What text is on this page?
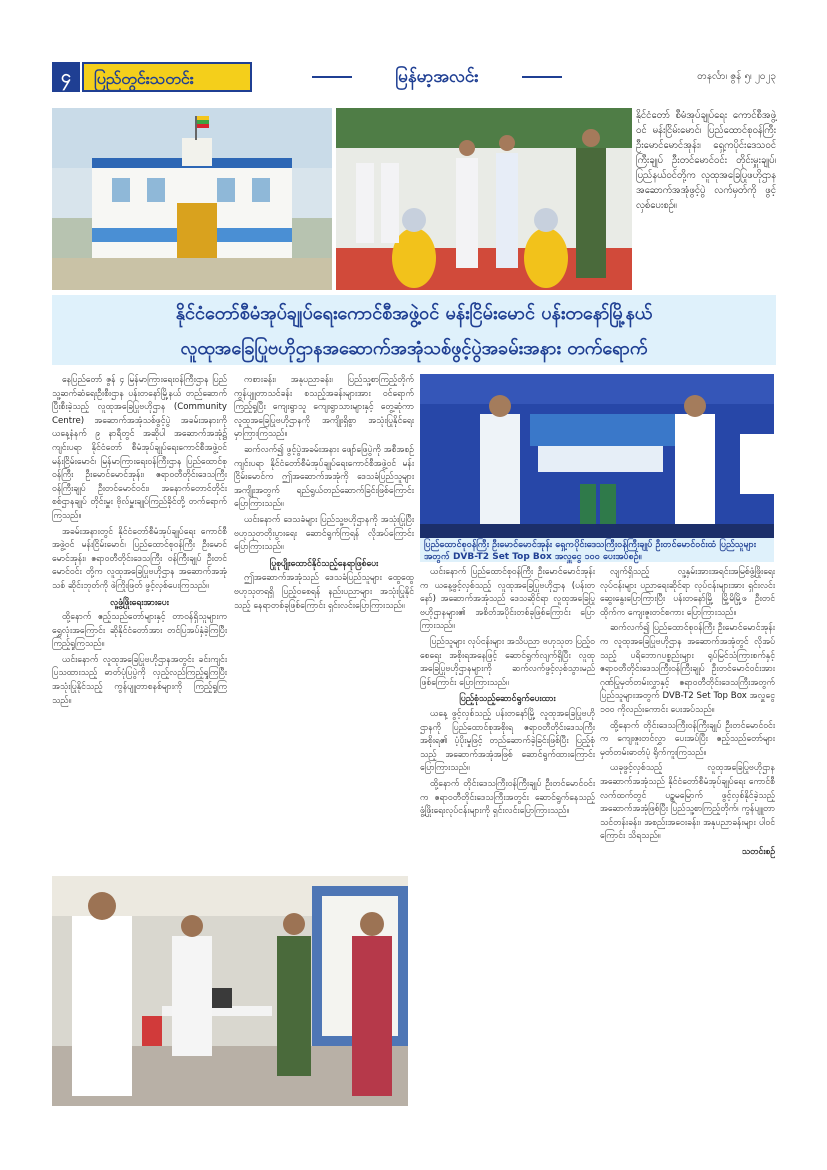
၄	ပြည်တွင်းသတင်း	မြန်မာ့အလင်း	တနင်္လာ၊ ဇွန် ၅၊ ၂၀၂၃
နိုင်ငံတော် စီမံအုပ်ချုပ်ရေး ကောင်စီအဖွဲ့ဝင် မန်းငြိမ်းမောင်၊ ပြည်ထောင်စုဝန်ကြီး ဦးမောင်မောင်အုန်း၊ ရှေ့ကပိုင်းဒေသဝင်ကြီးချုပ် ဦးတင်မောင်ဝင်း တိုင်းမှူးချုပ်၊ ပြည်နယ်ဝင်တို့က လူထုအခြေပြုဖဟိုဌာန အဆောက်အအုံဖွင့်ပွဲ လက်မှတ်ကို ဖွင့်လှစ်ပေးစဉ်။
နိုင်ငံတော်စီမံအုပ်ချုပ်ရေးကောင်စီအဖွဲ့ဝင် မန်းငြိမ်းမောင် ပန်းတနော်မြို့နယ်
လူထုအခြေပြုဗဟိုဌာနအဆောက်အအုံသစ်ဖွင့်ပွဲအခမ်းအနား တက်ရောက်

နေပြည်တော် ဇွန် ၄ မြန်မာကြားရေးဝန်ကြီးဌာန ပြည်သူ့ဆက်ဆံရေးဦးစီးဌာန ပန်းတနော်မြို့နယ် တည်ဆောက်ပြီးစီးခဲ့သည့် လူထုအခြေပြုဗဟိုဌာန (Community Centre) အဆောက်အအုံသစ်ဖွင့်ပွဲ အခမ်းအနားကို ယနေ့နံနက် ၉ နာရီတွင် အဆိုပါ အဆောက်အအုံ၌ ကျင်းပရာ နိုင်ငံတော် စီမံအုပ်ချုပ်ရေးကောင်စီအဖွဲ့ဝင် မန်းငြိမ်းမောင်၊ မြန်မာကြားရေးဝန်ကြီးဌာန ပြည်ထောင်စုဝန်ကြီး ဦးမောင်မောင်အုန်း၊ ဧရာဝတီတိုင်းဒေသကြီးဝန်ကြီးချုပ် ဦးတင်မောင်ဝင်း၊ အနောက်တောင်တိုင်း စစ်ဌာနချုပ် တိုင်းမှူး ဗိုလ်မှူးချုပ်ကြည်ခိုင်တို့ တက်ရောက်ကြသည်။

အခမ်းအနားတွင် နိုင်ငံတော်စီမံအုပ်ချုပ်ရေး ကောင်စီအဖွဲ့ဝင် မန်းငြိမ်းမောင်၊ ပြည်ထောင်စုဝန်ကြီး ဦးမောင်မောင်အုန်း၊ ဧရာဝတီတိုင်းဒေသကြီး ဝန်ကြီးချုပ် ဦးတင်မောင်ဝင်း တို့က လူထုအခြေပြုဗဟိုဌာန အဆောက်အအုံသစ် ဆိုင်းဘုတ်ကို ဖဲကြိုးဖြတ် ဖွင့်လှစ်ပေးကြသည်။

လူ့ဖွံ့ဖြိုးရေးအားပေး

ထို့နောက် ဧည့်သည်တော်များနှင့် တာဝန်ရှိသူများက ရွှေလုံးအကြောင်း ဆိုနိုင်ငံတော်အား တင်ပြအပ်နှံခဲ့ကြပြီး ကြည့်ရှုကြသည်။

ယင်းနောက် လူထုအခြေပြုဗဟိုဌာနအတွင်း ခင်းကျင်းပြသထားသည့် ဓာတ်ပုံပြပွဲကို လှည့်လည်ကြည့်ရှုကြပြီး အသုံးပြုနိုင်သည့် ကွန်ပျူတာစနစ်များကို ကြည့်ရှုကြသည်။

ကစားခန်း၊ အနုပညာခန်း၊ ပြည်သူ့စာကြည့်တိုက်ကွန်ပျူတာသင်ခန်း စသည့်အခန်းများအား ဝင်ရောက်ကြည့်ရှုပြီး ကျေးရွာသူ ကျေးရွာသားများနှင့် တွေ့ဆုံကာ လူထုအခြေပြုဗဟိုဌာနကို အကျိုးရှိစွာ အသုံးပြုနိုင်ရေး မှာကြားကြသည်။

ဆက်လက်၍ ဖွင့်ပွဲအခမ်းအနား ဖျော်ဖြေပွဲကို အစီအစဉ်ကျင်းပရာ နိုင်ငံတော်စီမံအုပ်ချုပ်ရေးကောင်စီအဖွဲ့ဝင် မန်းငြိမ်းမောင်က ဤအဆောက်အအုံကို ဒေသခံပြည်သူများအကျိုးအတွက် ရည်ရွယ်တည်ဆောက်ခြင်းဖြစ်ကြောင်း ပြောကြားသည်။

ယင်းနောက် ဒေသခံများ ပြည်သူ့ဗဟိုဌာနကို အသုံးပြုပြီး ဗဟုသုတတိုးပွားရေး ဆောင်ရွက်ကြရန် လိုအပ်ကြောင်း ပြောကြားသည်။

ပြုစုပျိုးထောင်နိုင်သည့်နေရာဖြစ်ပေး

ဤအဆောက်အအုံသည် ဒေသခံပြည်သူများ ထွေထွေဗဟုသုတရရှိ ပြည့်ဝစေရန် နည်းပညာများ အသုံးပြုနိုင်သည့် နေရာတစ်ခုဖြစ်ကြောင်း ရှင်းလင်းပြောကြားသည်။

ပြည်ထောင်စုဝန်ကြီး ဦးမောင်မောင်အုန်း ရှေ့ကပိုင်းဒေသကြီးဝန်ကြီးချုပ် ဦးတင်မောင်ဝင်းထံ ပြည်သူများအတွက် DVB-T2 Set Top Box အလှူငွေ ၁၀၀ ပေးအပ်စဉ်။

ယင်းနောက် ပြည်ထောင်စုဝန်ကြီး ဦးမောင်မောင်အုန်းက ယနေ့ဖွင့်လှစ်သည့် လူထုအခြေပြုဗဟိုဌာန (ပန်းတနော်) အဆောက်အအုံသည် ဒေသဆိုင်ရာ လူထုအခြေပြုဗဟိုဌာနများ၏ အစိတ်အပိုင်းတစ်ခုဖြစ်ကြောင်း ပြောကြားသည်။

ပြည်သူများ လုပ်ငန်းများ အသိပညာ ဗဟုသုတ ပြည့်ဝစေရေး အစိုးရအနေဖြင့် ဆောင်ရွက်လျက်ရှိပြီး လူထုအခြေပြုဗဟိုဌာနများကို ဆက်လက်ဖွင့်လှစ်သွားမည်ဖြစ်ကြောင်း ပြောကြားသည်။

ပြည့်စုံသည့်ဆောင်ရွက်ပေးထား

ယနေ့ ဖွင့်လှစ်သည့် ပန်းတနော်မြို့ လူထုအခြေပြုဗဟိုဌာနကို ပြည်ထောင်စုအစိုးရ ဧရာဝတီတိုင်းဒေသကြီးအစိုးရ၏ ပံ့ပိုးမှုဖြင့် တည်ဆောက်ခဲ့ခြင်းဖြစ်ပြီး ပြည့်စုံသည့် အဆောက်အအုံအဖြစ် ဆောင်ရွက်ထားကြောင်း ပြောကြားသည်။

ထို့နောက် တိုင်းဒေသကြီးဝန်ကြီးချုပ် ဦးတင်မောင်ဝင်းက ဧရာဝတီတိုင်းဒေသကြီးအတွင်း ဆောင်ရွက်နေသည့် ဖွံ့ဖြိုးရေးလုပ်ငန်းများကို ရှင်းလင်းပြောကြားသည်။

လျက်ရှိသည့် လူ့နှမ်းအားအရင်းအမြစ်ဖွံ့ဖြိုးရေး လုပ်ငန်းများ ပညာရေးဆိုင်ရာ လုပ်ငန်းများအား ရှင်းလင်းဆွေးနွေးပြောကြားပြီး ပန်းတနော်မြို့ မြို့မိမြို့ဖ ဦးတင်ထိုက်က ကျေးဇူးတင်စကား ပြောကြားသည်။

ဆက်လက်၍ ပြည်ထောင်စုဝန်ကြီး ဦးမောင်မောင်အုန်းက လူထုအခြေပြုဗဟိုဌာန အဆောက်အအုံတွင် လိုအပ်သည့် ပရိဘောဂပစ္စည်းများ ရုပ်မြင်သံကြားစက်နှင့် ဧရာဝတီတိုင်းဒေသကြီးဝန်ကြီးချုပ် ဦးတင်မောင်ဝင်းအား ဂုဏ်ပြုမှတ်တမ်းလွှာနှင့် ဧရာဝတီတိုင်းဒေသကြီးအတွက် ပြည်သူများအတွက် DVB-T2 Set Top Box အလှူငွေ ၁၀၀ ကိုလည်းကောင်း ပေးအပ်သည်။

ထို့နောက် တိုင်းဒေသကြီးဝန်ကြီးချုပ် ဦးတင်မောင်ဝင်းက ကျေးဇူးတင်လွှာ ပေးအပ်ပြီး ဧည့်သည်တော်များ မှတ်တမ်းဓာတ်ပုံ ရိုက်ကူးကြသည်။

ယခုဖွင့်လှစ်သည့် လူထုအခြေပြုဗဟိုဌာန အဆောက်အအုံသည် နိုင်ငံတော်စီမံအုပ်ချုပ်ရေး ကောင်စီလက်ထက်တွင် ပဉ္စမမြောက် ဖွင့်လှစ်နိုင်ခဲ့သည့် အဆောက်အအုံဖြစ်ပြီး ပြည်သူ့စာကြည့်တိုက်၊ ကွန်ပျူတာသင်တန်းခန်း၊ အစည်းအဝေးခန်း၊ အနုပညာခန်းများ ပါဝင်ကြောင်း သိရသည်။

သတင်းစဉ်
